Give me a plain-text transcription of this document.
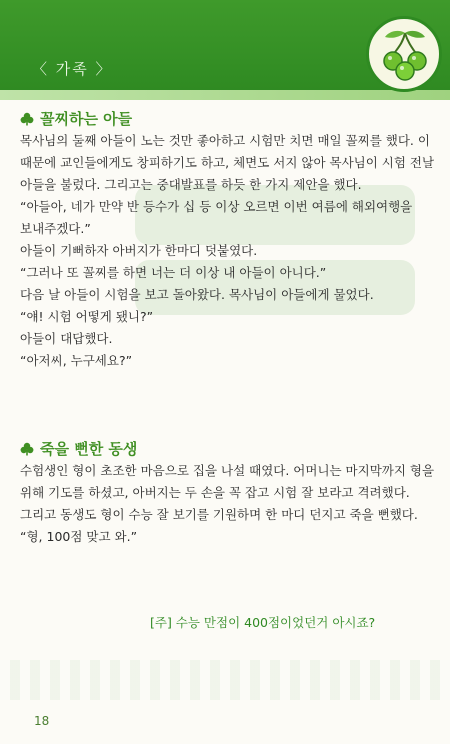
〈 가족 〉
꼴찌하는 아들

목사님의 둘째 아들이 노는 것만 좋아하고 시험만 치면 매일 꼴찌를 했다. 이 때문에 교인들에게도 창피하기도 하고, 체면도 서지 않아 목사님이 시험 전날 아들을 불렀다. 그리고는 중대발표를 하듯 한 가지 제안을 했다.

“아들아, 네가 만약 반 등수가 십 등 이상 오르면 이번 여름에 해외여행을 보내주겠다.”

아들이 기뻐하자 아버지가 한마디 덧붙였다.

“그러나 또 꼴찌를 하면 너는 더 이상 내 아들이 아니다.”

다음 날 아들이 시험을 보고 돌아왔다. 목사님이 아들에게 물었다.

“얘! 시험 어떻게 됐니?”

아들이 대답했다.

“아저씨, 누구세요?”

죽을 뻔한 동생

수험생인 형이 초조한 마음으로 집을 나설 때였다. 어머니는 마지막까지 형을 위해 기도를 하셨고, 아버지는 두 손을 꼭 잡고 시험 잘 보라고 격려했다.

그리고 동생도 형이 수능 잘 보기를 기원하며 한 마디 던지고 죽을 뻔했다.

“형, 100점 맞고 와.”

[주] 수능 만점이 400점이었던거 아시죠?
18
